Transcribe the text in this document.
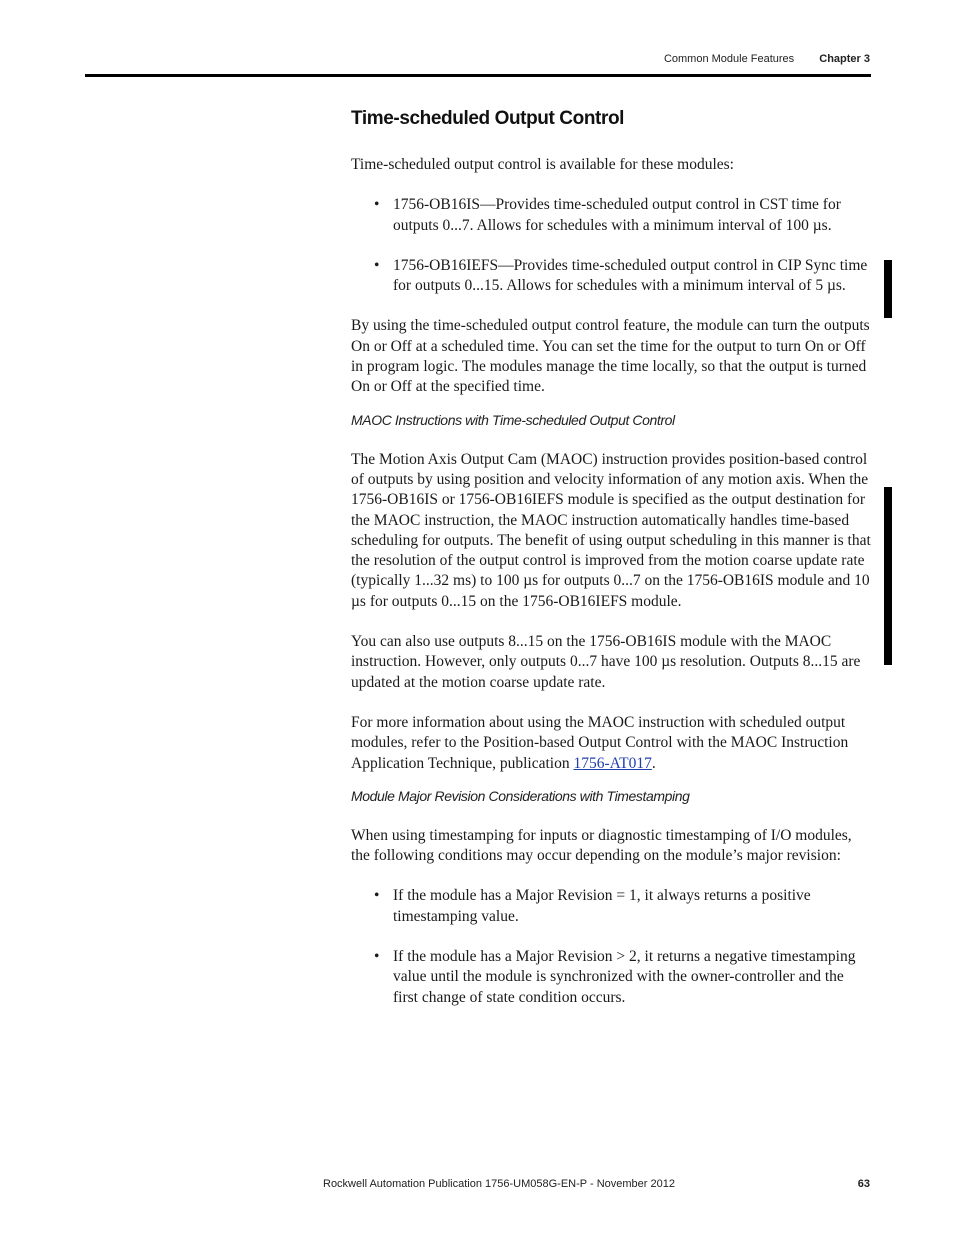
Common Module Features Chapter 3
Time-scheduled Output Control

Time-scheduled output control is available for these modules:

• 1756-OB16IS—Provides time-scheduled output control in CST time for outputs 0...7. Allows for schedules with a minimum interval of 100 µs.
• 1756-OB16IEFS—Provides time-scheduled output control in CIP Sync time for outputs 0...15. Allows for schedules with a minimum interval of 5 µs.

By using the time-scheduled output control feature, the module can turn the outputs On or Off at a scheduled time. You can set the time for the output to turn On or Off in program logic. The modules manage the time locally, so that the output is turned On or Off at the specified time.

MAOC Instructions with Time-scheduled Output Control

The Motion Axis Output Cam (MAOC) instruction provides position-based control of outputs by using position and velocity information of any motion axis. When the 1756-OB16IS or 1756-OB16IEFS module is specified as the output destination for the MAOC instruction, the MAOC instruction automatically handles time-based scheduling for outputs. The benefit of using output scheduling in this manner is that the resolution of the output control is improved from the motion coarse update rate (typically 1...32 ms) to 100 µs for outputs 0...7 on the 1756-OB16IS module and 10 µs for outputs 0...15 on the 1756-OB16IEFS module.

You can also use outputs 8...15 on the 1756-OB16IS module with the MAOC instruction. However, only outputs 0...7 have 100 µs resolution. Outputs 8...15 are updated at the motion coarse update rate.

For more information about using the MAOC instruction with scheduled output modules, refer to the Position-based Output Control with the MAOC Instruction Application Technique, publication 1756-AT017.

Module Major Revision Considerations with Timestamping

When using timestamping for inputs or diagnostic timestamping of I/O modules, the following conditions may occur depending on the module’s major revision:

• If the module has a Major Revision = 1, it always returns a positive timestamping value.
• If the module has a Major Revision > 2, it returns a negative timestamping value until the module is synchronized with the owner-controller and the first change of state condition occurs.
Rockwell Automation Publication 1756-UM058G-EN-P - November 2012	63
